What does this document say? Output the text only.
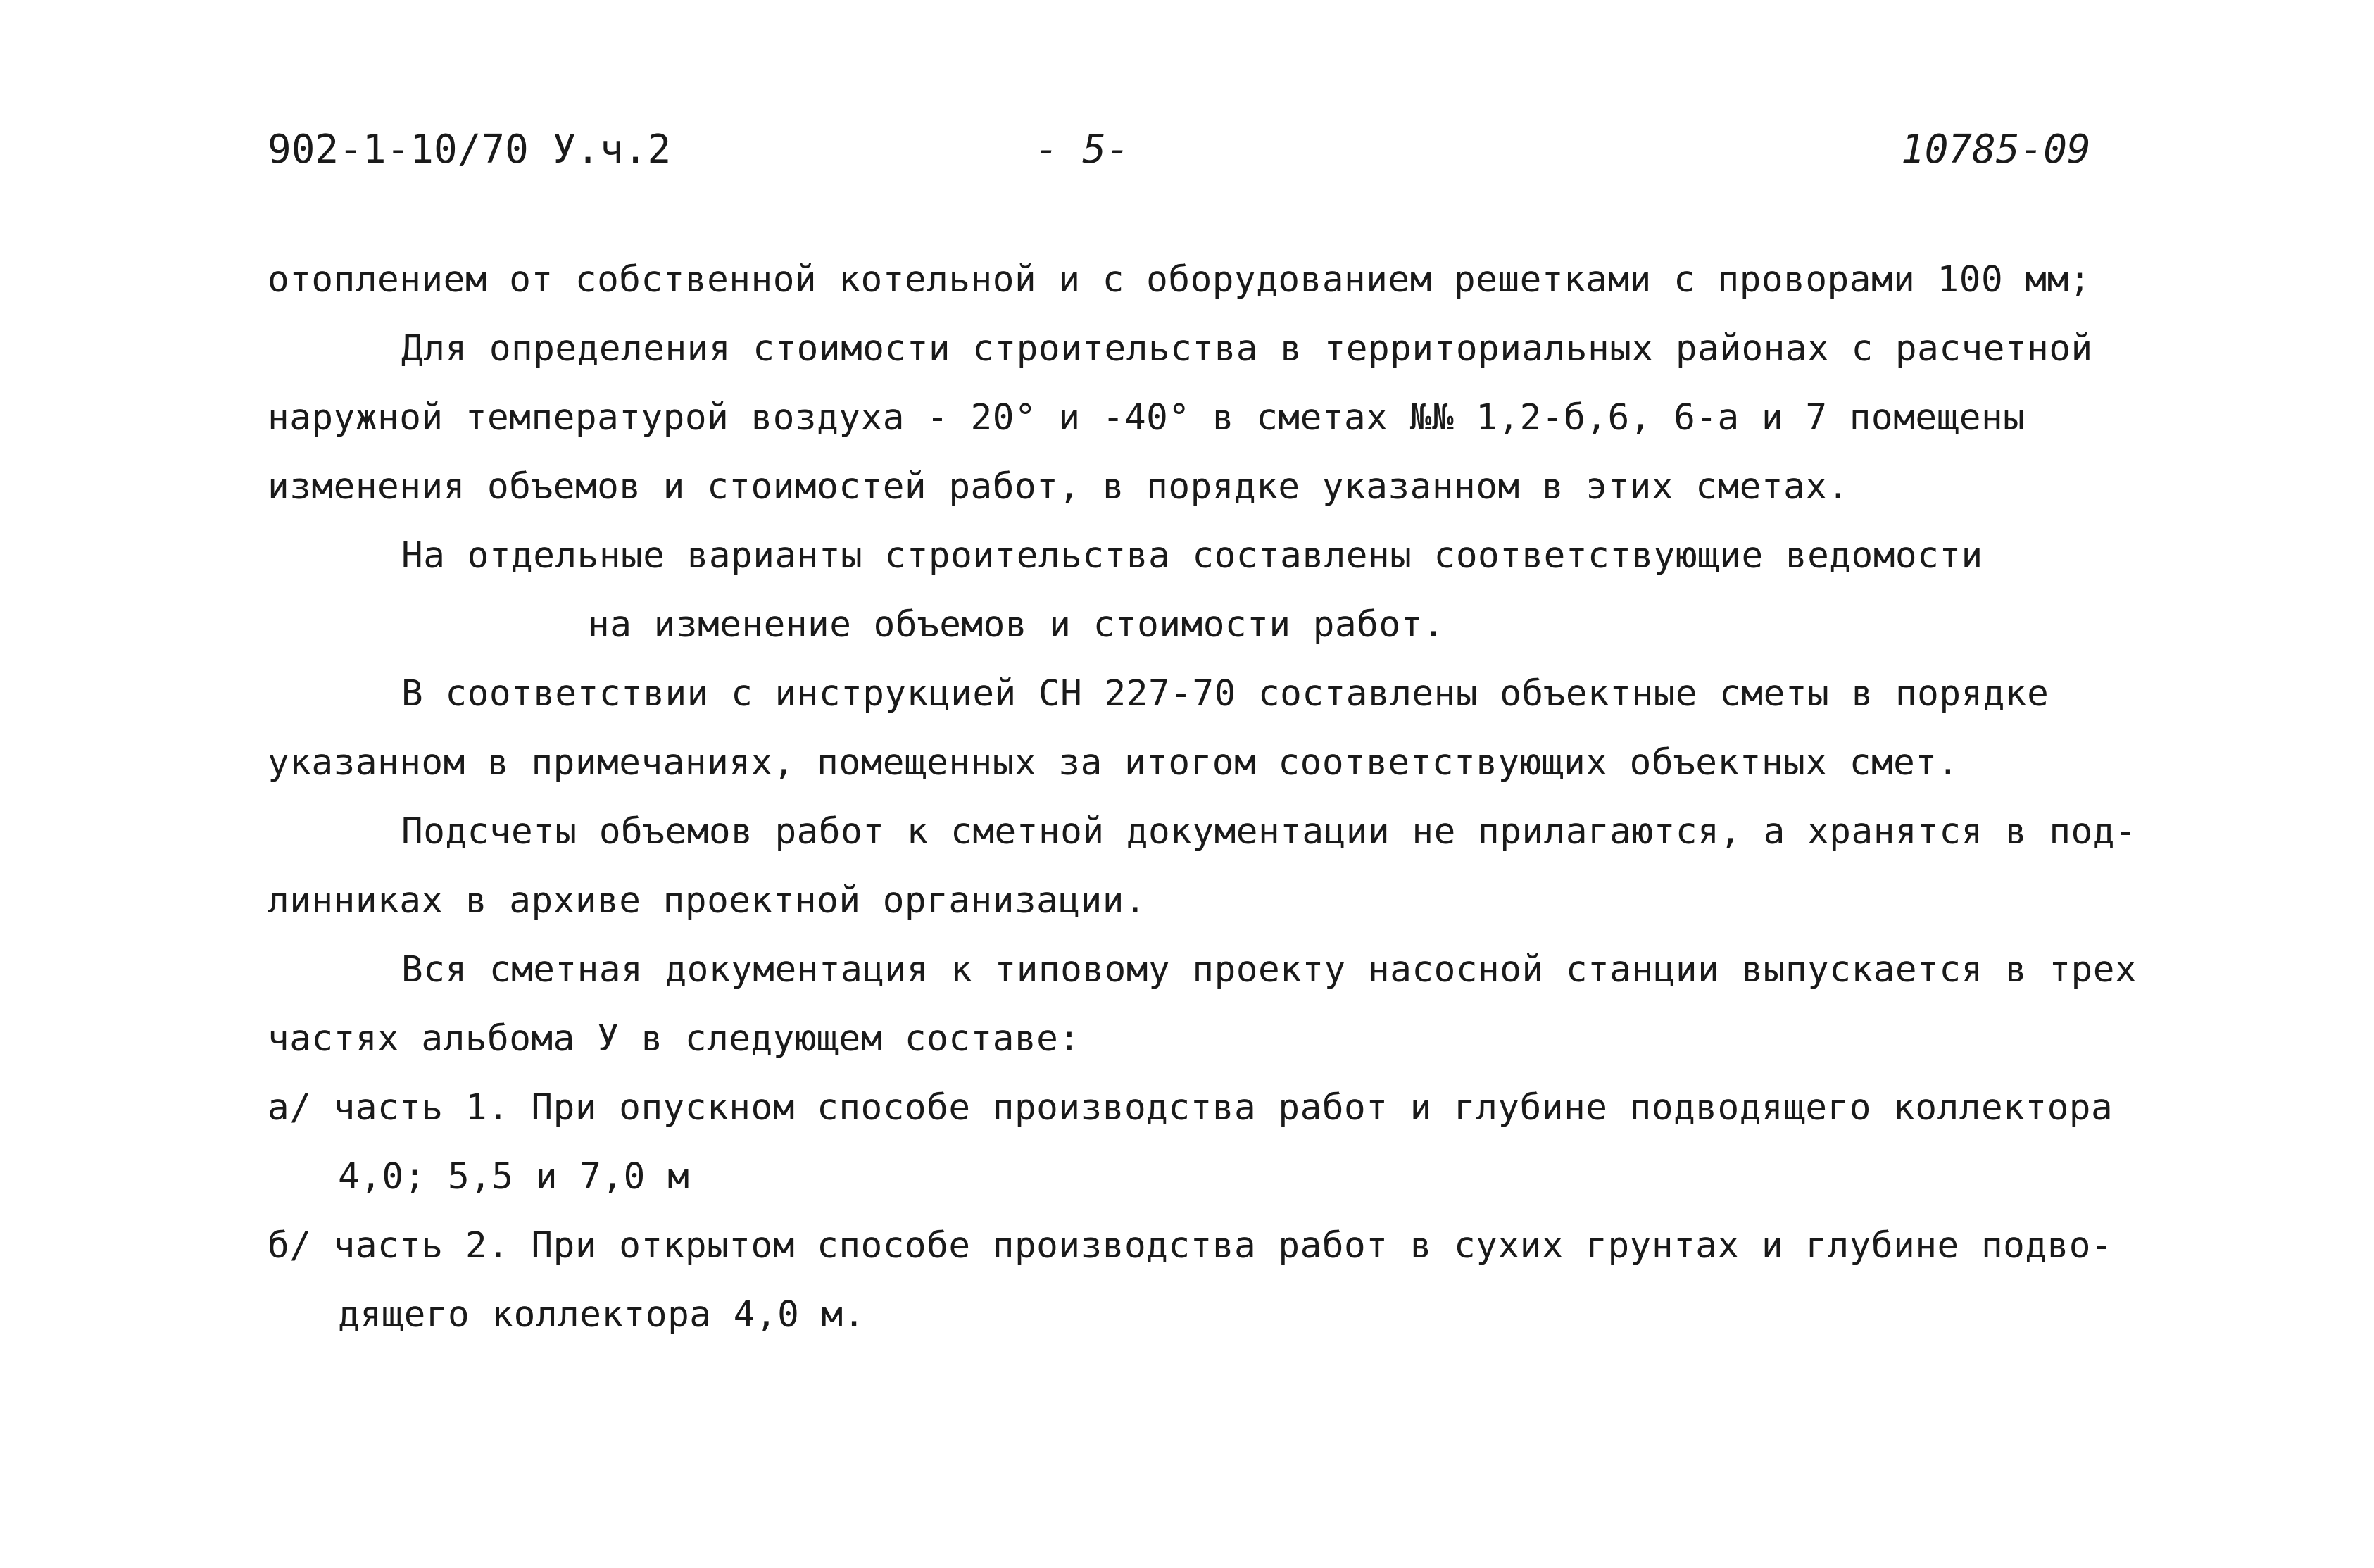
902-1-10/70 У.ч.2	- 5-	10785-09
отоплением от собственной котельной и с оборудованием решетками с проворами 100 мм;
Для определения стоимости строительства в территориальных районах с расчетной
наружной температурой воздуха - 20° и -40° в сметах №№ 1,2-б,6, 6-а и 7 помещены
изменения объемов и стоимостей работ, в порядке указанном в этих сметах.
На отдельные варианты строительства составлены соответствующие ведомости
на изменение объемов и стоимости работ.
В соответствии с инструкцией СН 227-70 составлены объектные сметы в порядке
указанном в примечаниях, помещенных за итогом соответствующих объектных смет.
Подсчеты объемов работ к сметной документации не прилагаются, а хранятся в под-
линниках в архиве проектной организации.
Вся сметная документация к типовому проекту насосной станции выпускается в трех
частях альбома У в следующем составе:
а/ часть 1. При опускном способе производства работ и глубине подводящего коллектора
4,0; 5,5 и 7,0 м
б/ часть 2. При открытом способе производства работ в сухих грунтах и глубине подво-
дящего коллектора 4,0 м.
